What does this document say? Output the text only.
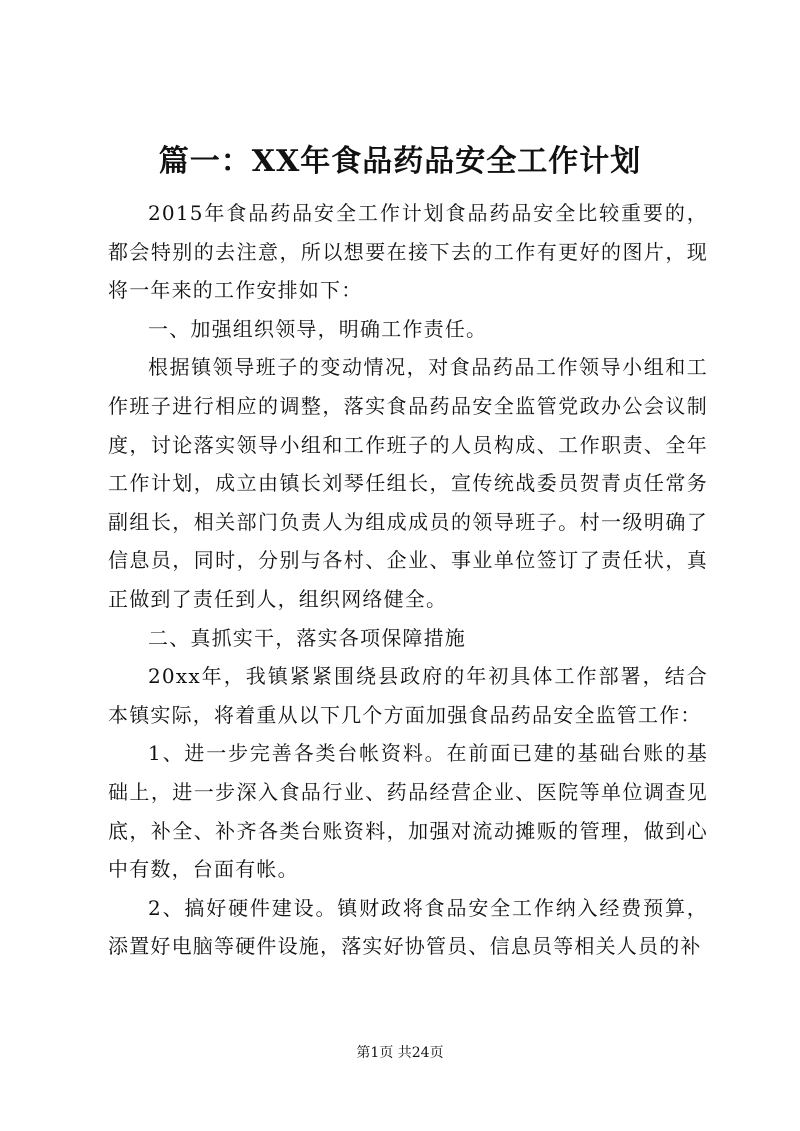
篇一：XX年食品药品安全工作计划

2015年食品药品安全工作计划食品药品安全比较重要的，都会特别的去注意，所以想要在接下去的工作有更好的图片，现将一年来的工作安排如下：

一、加强组织领导，明确工作责任。

根据镇领导班子的变动情况，对食品药品工作领导小组和工作班子进行相应的调整，落实食品药品安全监管党政办公会议制度，讨论落实领导小组和工作班子的人员构成、工作职责、全年工作计划，成立由镇长刘琴任组长，宣传统战委员贺青贞任常务副组长，相关部门负责人为组成成员的领导班子。村一级明确了信息员，同时，分别与各村、企业、事业单位签订了责任状，真正做到了责任到人，组织网络健全。

二、真抓实干，落实各项保障措施

20xx年，我镇紧紧围绕县政府的年初具体工作部署，结合本镇实际，将着重从以下几个方面加强食品药品安全监管工作：

1、进一步完善各类台帐资料。在前面已建的基础台账的基础上，进一步深入食品行业、药品经营企业、医院等单位调查见底，补全、补齐各类台账资料，加强对流动摊贩的管理，做到心中有数，台面有帐。

2、搞好硬件建设。镇财政将食品安全工作纳入经费预算，添置好电脑等硬件设施，落实好协管员、信息员等相关人员的补

第1页 共24页
